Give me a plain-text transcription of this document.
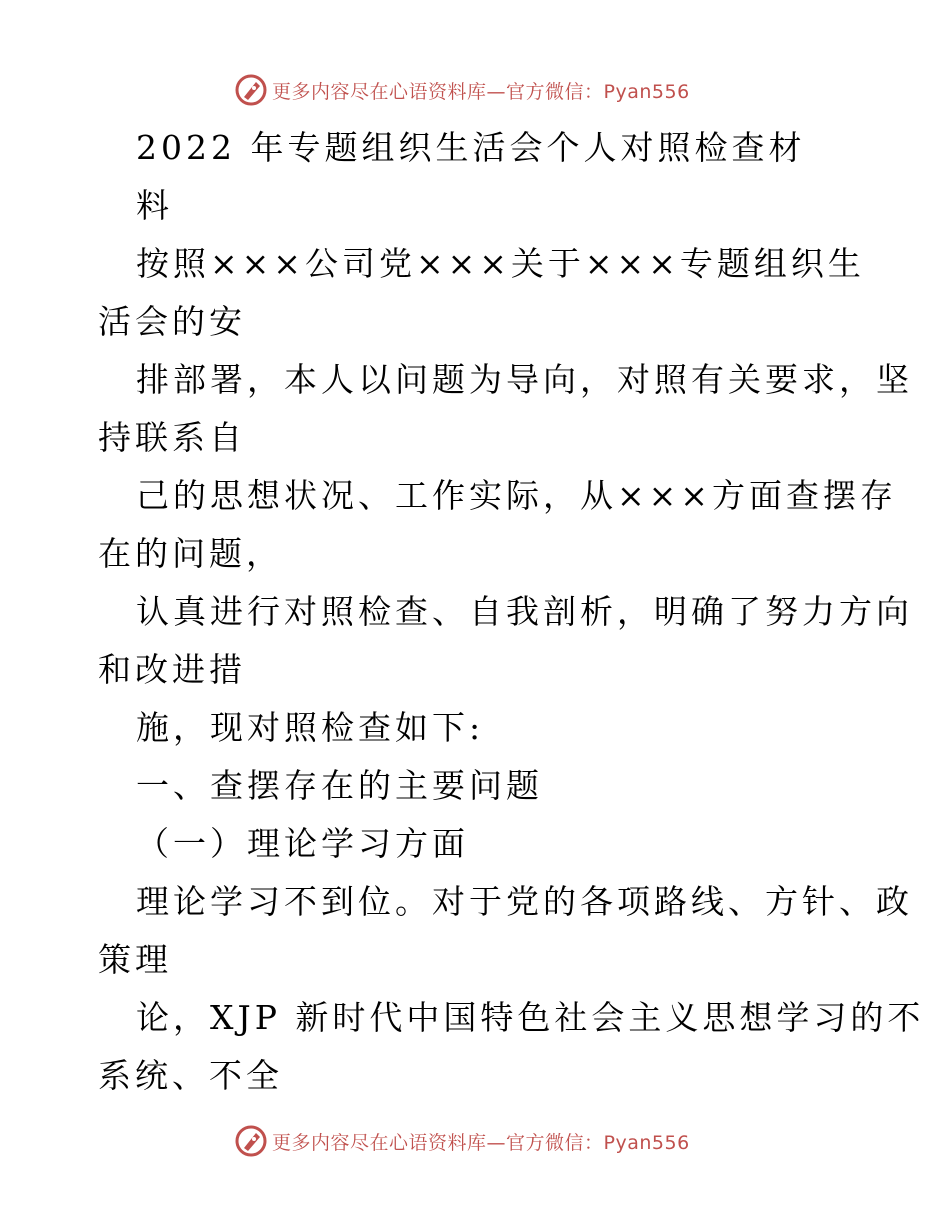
更多内容尽在心语资料库—官方微信：Pyan556
2022 年专题组织生活会个人对照检查材
料
按照×××公司党×××关于×××专题组织生
活会的安
排部署，本人以问题为导向，对照有关要求，坚
持联系自
己的思想状况、工作实际，从×××方面查摆存
在的问题，
认真进行对照检查、自我剖析，明确了努力方向
和改进措
施，现对照检查如下:
一、查摆存在的主要问题
（一）理论学习方面
理论学习不到位。对于党的各项路线、方针、政
策理
论，XJP 新时代中国特色社会主义思想学习的不
系统、不全
更多内容尽在心语资料库—官方微信：Pyan556
